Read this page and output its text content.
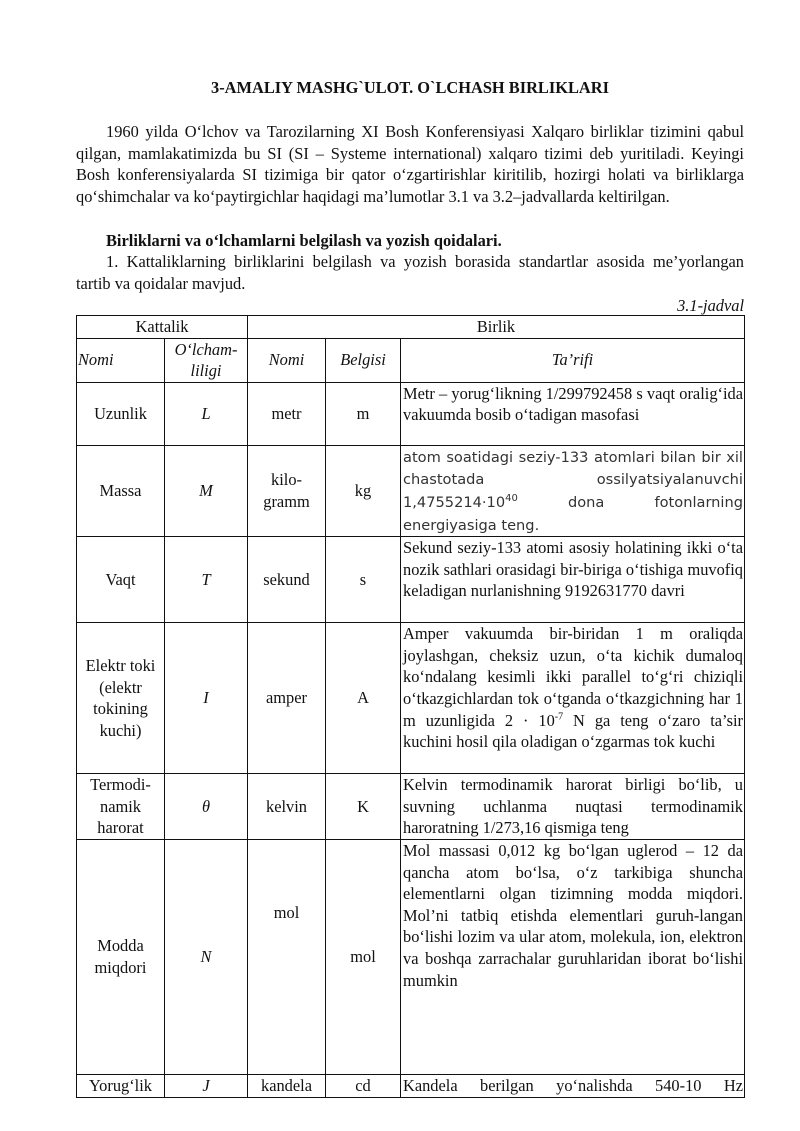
3-AMALIY MASHG`ULOT. O`LCHASH BIRLIKLARI

1960 yilda O‘lchov va Tarozilarning XI Bosh Konferensiyasi Xalqaro birliklar tizimini qabul qilgan, mamlakatimizda bu SI (SI – Systeme international) xalqaro tizimi deb yuritiladi. Keyingi Bosh konferensiyalarda SI tizimiga bir qator o‘zgartirishlar kiritilib, hozirgi holati va birliklarga qo‘shimchalar va ko‘paytirgichlar haqidagi ma’lumotlar 3.1 va 3.2–jadvallarda keltirilgan.

Birliklarni va o‘lchamlarni belgilash va yozish qoidalari.

1. Kattaliklarning birliklarini belgilash va yozish borasida standartlar asosida me’yorlangan tartib va qoidalar mavjud.

3.1-jadval
Kattalik		Birlik		
Nomi	O‘lcham-liligi	Nomi	Belgisi	Ta’rifi
Uzunlik	L	metr	m	Metr – yorug‘likning 1/299792458 s vaqt oralig‘ida vakuumda bosib o‘tadigan masofasi
Massa	M	kilo-gramm	kg	atom soatidagi seziy-133 atomlari bilan bir xil chastotada ossilyatsiyalanuvchi $1,4755214\cdot 10^{40}$ dona fotonlarning energiyasiga teng.
Vaqt	T	sekund	s	Sekund seziy-133 atomi asosiy holatining ikki o‘ta nozik sathlari orasidagi bir-biriga o‘tishiga muvofiq keladigan nurlanishning 9192631770 davri
Elektr toki (elektr tokining kuchi)	I	amper	A	Amper vakuumda bir-biridan 1 m oraliqda joylashgan, cheksiz uzun, o‘ta kichik dumaloq ko‘ndalang kesimli ikki parallel to‘g‘ri chiziqli o‘tkazgichlardan tok o‘tganda o‘tkazgichning har 1 m uzunligida $2 \cdot 10^{-7}$ N ga teng o‘zaro ta’sir kuchini hosil qila oladigan o‘zgarmas tok kuchi
Termodi-namik harorat	θ	kelvin	K	Kelvin termodinamik harorat birligi bo‘lib, u suvning uchlanma nuqtasi termodinamik haroratning 1/273,16 qismiga teng
Modda miqdori	N	mol	mol	Mol massasi 0,012 kg bo‘lgan uglerod – 12 da qancha atom bo‘lsa, o‘z tarkibiga shuncha elementlarni olgan tizimning modda miqdori. Mol’ni tatbiq etishda elementlari guruh-langan bo‘lishi lozim va ular atom, molekula, ion, elektron va boshqa zarrachalar guruhlaridan iborat bo‘lishi mumkin
Yorug‘lik	J	kandela	cd	Kandela berilgan yo‘nalishda 540-10 Hz
